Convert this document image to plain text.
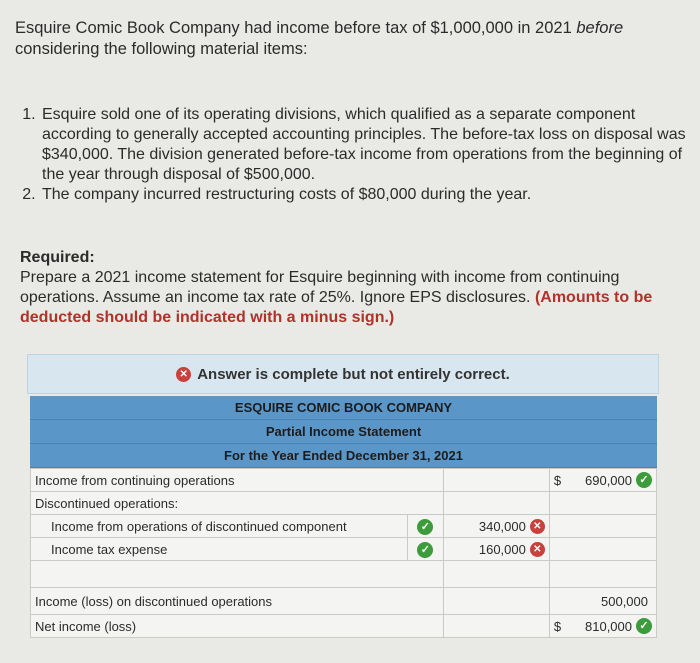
Esquire Comic Book Company had income before tax of $1,000,000 in 2021 before considering the following material items:
1. Esquire sold one of its operating divisions, which qualified as a separate component according to generally accepted accounting principles. The before-tax loss on disposal was $340,000. The division generated before-tax income from operations from the beginning of the year through disposal of $500,000.
2. The company incurred restructuring costs of $80,000 during the year.
Required:
Prepare a 2021 income statement for Esquire beginning with income from continuing operations. Assume an income tax rate of 25%. Ignore EPS disclosures. (Amounts to be deducted should be indicated with a minus sign.)
✕ Answer is complete but not entirely correct.
ESQUIRE COMIC BOOK COMPANY
Partial Income Statement
For the Year Ended December 31, 2021
Income from continuing operations			$ 690,000 ✓

Discontinued operations:			
Income from operations of discontinued component	✓	340,000 ✕	

Income tax expense	✓	160,000 ✕	

Income (loss) on discontinued operations			500,000

Net income (loss)			$ 810,000 ✓
